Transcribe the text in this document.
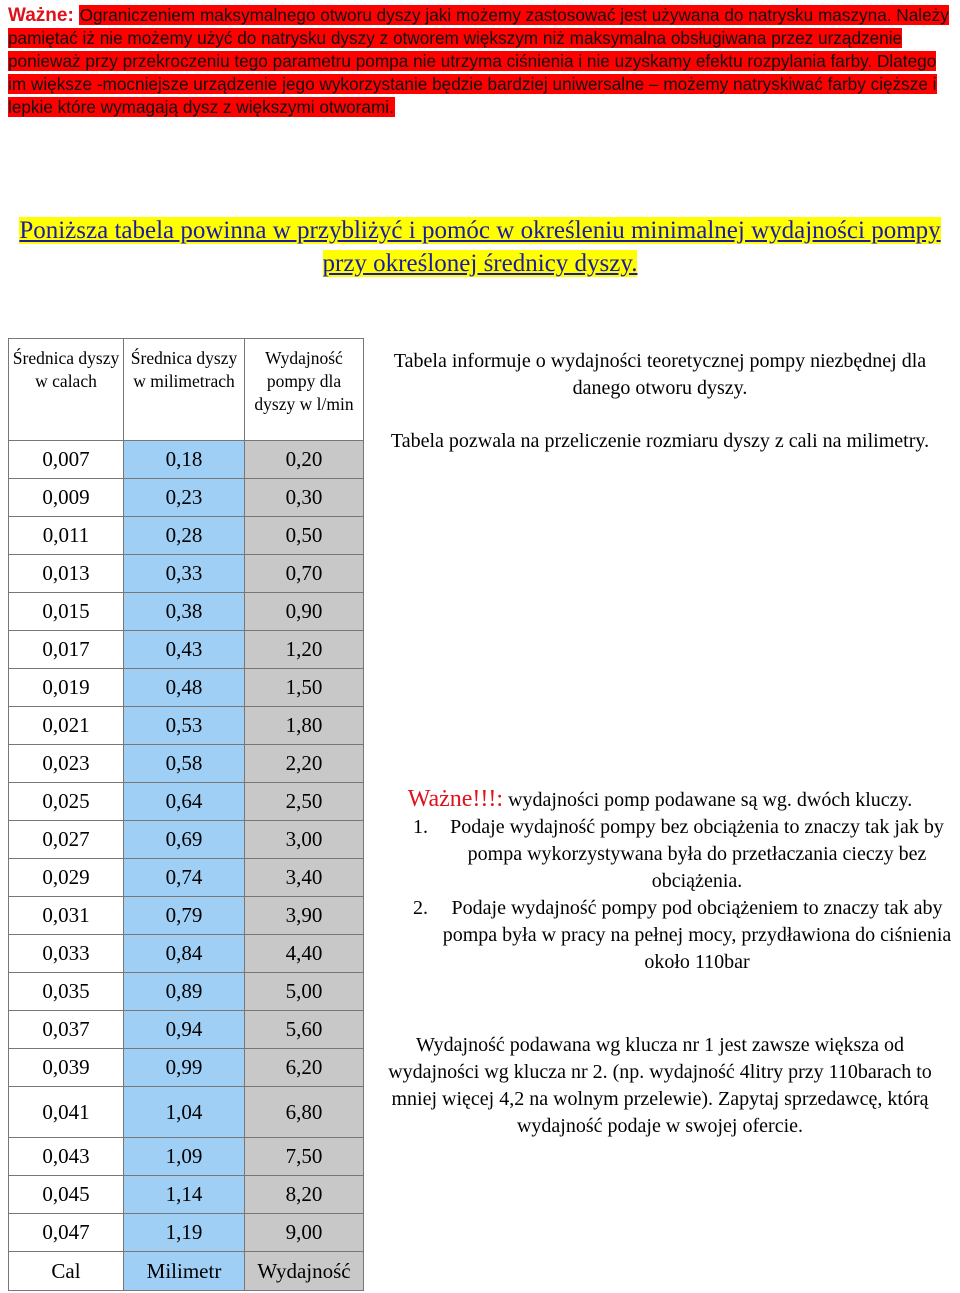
Ważne: Ograniczeniem maksymalnego otworu dyszy jaki możemy zastosować jest używana do natrysku maszyna. Należy pamiętać iż nie możemy użyć do natrysku dyszy z otworem większym niż maksymalna obsługiwana przez urządzenie ponieważ przy przekroczeniu tego parametru pompa nie utrzyma ciśnienia i nie uzyskamy efektu rozpylania farby. Dlatego im większe -mocniejsze urządzenie jego wykorzystanie będzie bardziej uniwersalne – możemy natryskiwać farby cięższe i lepkie które wymagają dysz z większymi otworami.
Poniższa tabela powinna w przybliżyć i pomóc w określeniu minimalnej wydajności pompy przy określonej średnicy dyszy.
Średnica dyszy w calach	Średnica dyszy w milimetrach	Wydajność pompy dla dyszy w l/min
0,007	0,18	0,20
0,009	0,23	0,30
0,011	0,28	0,50
0,013	0,33	0,70
0,015	0,38	0,90
0,017	0,43	1,20
0,019	0,48	1,50
0,021	0,53	1,80
0,023	0,58	2,20
0,025	0,64	2,50
0,027	0,69	3,00
0,029	0,74	3,40
0,031	0,79	3,90
0,033	0,84	4,40
0,035	0,89	5,00
0,037	0,94	5,60
0,039	0,99	6,20
0,041	1,04	6,80
0,043	1,09	7,50
0,045	1,14	8,20
0,047	1,19	9,00
Cal	Milimetr	Wydajność
Tabela informuje o wydajności teoretycznej pompy niezbędnej dla danego otworu dyszy.
Tabela pozwala na przeliczenie rozmiaru dyszy z cali na milimetry.
Ważne!!!: wydajności pomp podawane są wg. dwóch kluczy.
1.	Podaje wydajność pompy bez obciążenia to znaczy tak jak by pompa wykorzystywana była do przetłaczania cieczy bez obciążenia.
2.	Podaje wydajność pompy pod obciążeniem to znaczy tak aby pompa była w pracy na pełnej mocy, przydławiona do ciśnienia około 110bar
Wydajność podawana wg klucza nr 1 jest zawsze większa od wydajności wg klucza nr 2. (np. wydajność 4litry przy 110barach to mniej więcej 4,2 na wolnym przelewie). Zapytaj sprzedawcę, którą wydajność podaje w swojej ofercie.
